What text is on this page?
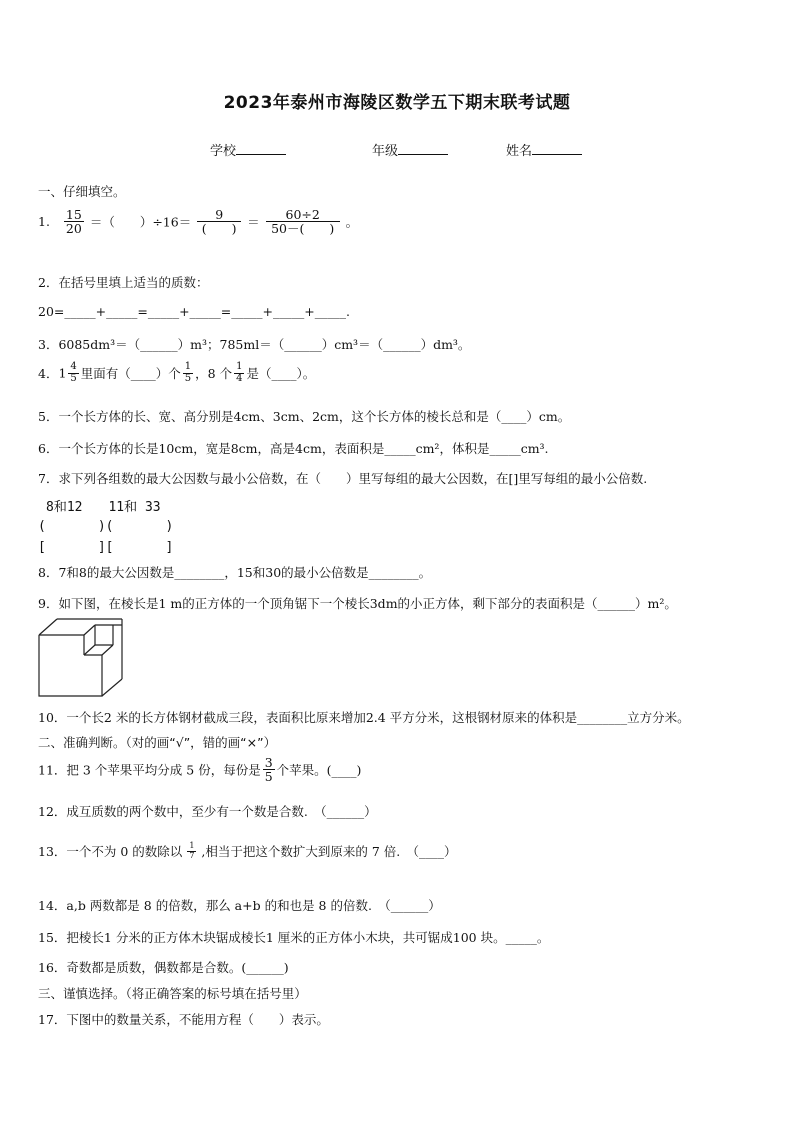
2023年泰州市海陵区数学五下期末联考试题
学校	年级	姓名
一、仔细填空。
1. $\frac{15}{20}$ ＝（　　）$\div 16= \frac{9}{( )} = \frac{60\div 2}{50-( )}$ 。
2．在括号里填上适当的质数：
20=_____+_____=_____+_____=_____+_____+_____.
3．6085dm³＝（______）m³；785ml＝（______）cm³＝（______）dm³。
4．$1 \frac{4}{5}$ 里面有（____）个 $\frac{1}{5}$ ，8 个 $\frac{1}{4}$ 是（____）。
5．一个长方体的长、宽、高分别是4cm、3cm、2cm，这个长方体的棱长总和是（____）cm。
6．一个长方体的长是10cm，宽是8cm，高是4cm，表面积是_____cm²，体积是_____cm³.
7．求下列各组数的最大公因数与最小公倍数，在（　　）里写每组的最大公因数，在[]里写每组的最小公倍数.
8和12　　11和 33
(　　　　)(　　　　)
[　　　　][　　　　]
8．7和8的最大公因数是________，15和30的最小公倍数是________。
9．如下图，在棱长是1 m的正方体的一个顶角锯下一个棱长3dm的小正方体，剩下部分的表面积是（______）m²。
10．一个长2 米的长方体钢材截成三段，表面积比原来增加2.4 平方分米，这根钢材原来的体积是________立方分米。
二、准确判断。（对的画“√”，错的画“×”）
11．把 3 个苹果平均分成 5 份，每份是 $\frac{3}{5}$ 个苹果。(____)
12．成互质数的两个数中，至少有一个数是合数.　（______）
13．一个不为 0 的数除以 $\frac{1}{7}$ ,相当于把这个数扩大到原来的 7 倍.　（____）
14．a,b 两数都是 8 的倍数，那么 a+b 的和也是 8 的倍数.　（______）
15．把棱长1 分米的正方体木块锯成棱长1 厘米的正方体小木块，共可锯成100 块。_____。
16．奇数都是质数，偶数都是合数。(______)
三、谨慎选择。（将正确答案的标号填在括号里）
17．下图中的数量关系，不能用方程（　　）表示。
